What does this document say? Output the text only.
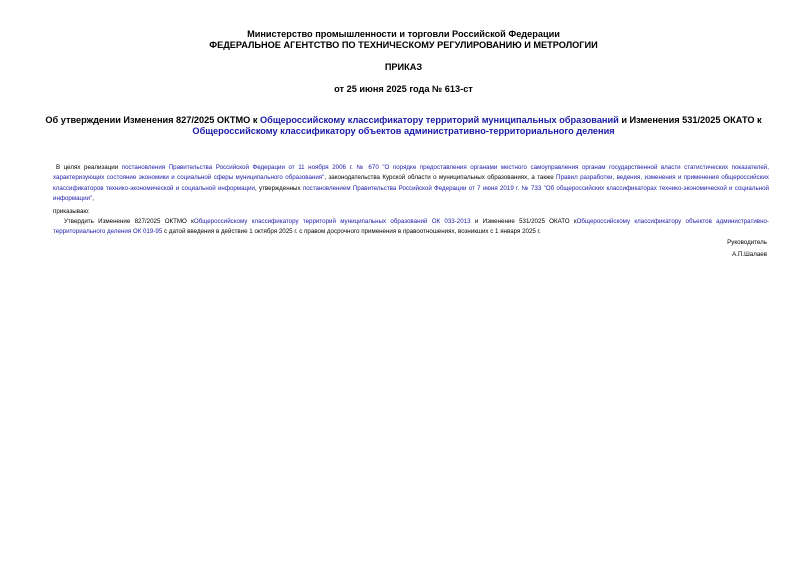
Министерство промышленности и торговли Российской Федерации
ФЕДЕРАЛЬНОЕ АГЕНТСТВО ПО ТЕХНИЧЕСКОМУ РЕГУЛИРОВАНИЮ И МЕТРОЛОГИИ
ПРИКАЗ
от 25 июня 2025 года № 613-ст
Об утверждении Изменения 827/2025 ОКТМО к Общероссийскому классификатору территорий муниципальных образований и Изменения 531/2025 ОКАТО к Общероссийскому классификатору объектов административно-территориального деления
В целях реализации постановления Правительства Российской Федерации от 11 ноября 2006 г. № 670 "О порядке предоставления органами местного самоуправления органам государственной власти статистических показателей, характеризующих состояние экономики и социальной сферы муниципального образования", законодательства Курской области о муниципальных образованиях, а также Правил разработки, ведения, изменения и применения общероссийских классификаторов технико-экономической и социальной информации, утвержденных постановлением Правительства Российской Федерации от 7 июня 2019 г. № 733 "Об общероссийских классификаторах технико-экономической и социальной информации",
приказываю:
Утвердить Изменение 827/2025 ОКТМО кОбщероссийскому классификатору территорий муниципальных образований ОК 033-2013 и Изменение 531/2025 ОКАТО кОбщероссийскому классификатору объектов административно-территориального деления ОК 019-95 с датой введения в действие 1 октября 2025 г. с правом досрочного применения в правоотношениях, возникших с 1 января 2025 г.
Руководитель
А.П.Шалаев
